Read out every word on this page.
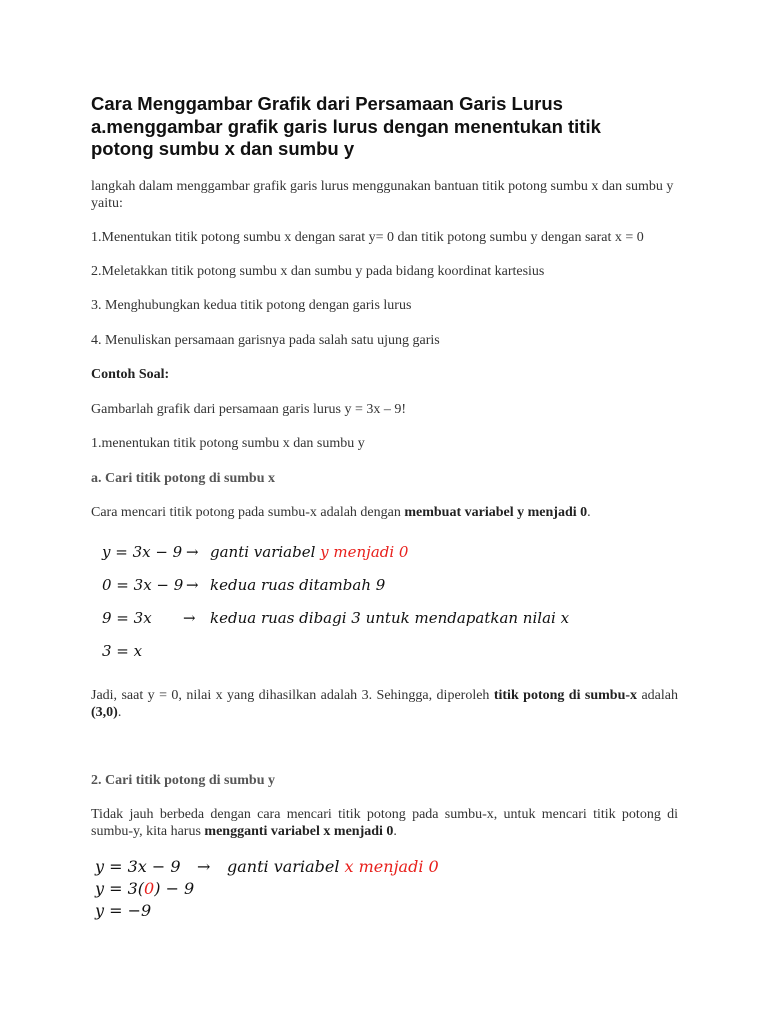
Cara Menggambar Grafik dari Persamaan Garis Lurus
a.menggambar grafik garis lurus dengan menentukan titik
potong sumbu x dan sumbu y

langkah dalam menggambar grafik garis lurus menggunakan bantuan titik potong sumbu x dan sumbu y yaitu:

1.Menentukan titik potong sumbu x dengan sarat y= 0 dan titik potong sumbu y dengan sarat x = 0

2.Meletakkan titik potong sumbu x dan sumbu y pada bidang koordinat kartesius

3. Menghubungkan kedua titik potong dengan garis lurus

4. Menuliskan persamaan garisnya pada salah satu ujung garis

Contoh Soal:

Gambarlah grafik dari persamaan garis lurus y = 3x – 9!

1.menentukan titik potong sumbu x dan sumbu y

a. Cari titik potong di sumbu x

Cara mencari titik potong pada sumbu-x adalah dengan membuat variabel y menjadi 0.

y = 3x − 9 → ganti variabel y menjadi 0
0 = 3x − 9 → kedua ruas ditambah 9
9 = 3x → kedua ruas dibagi 3 untuk mendapatkan nilai x
3 = x

Jadi, saat y = 0, nilai x yang dihasilkan adalah 3. Sehingga, diperoleh titik potong di sumbu-x adalah (3,0).

2. Cari titik potong di sumbu y

Tidak jauh berbeda dengan cara mencari titik potong pada sumbu-x, untuk mencari titik potong di sumbu-y, kita harus mengganti variabel x menjadi 0.

y = 3x − 9 → ganti variabel x menjadi 0
y = 3(0) − 9
y = −9
